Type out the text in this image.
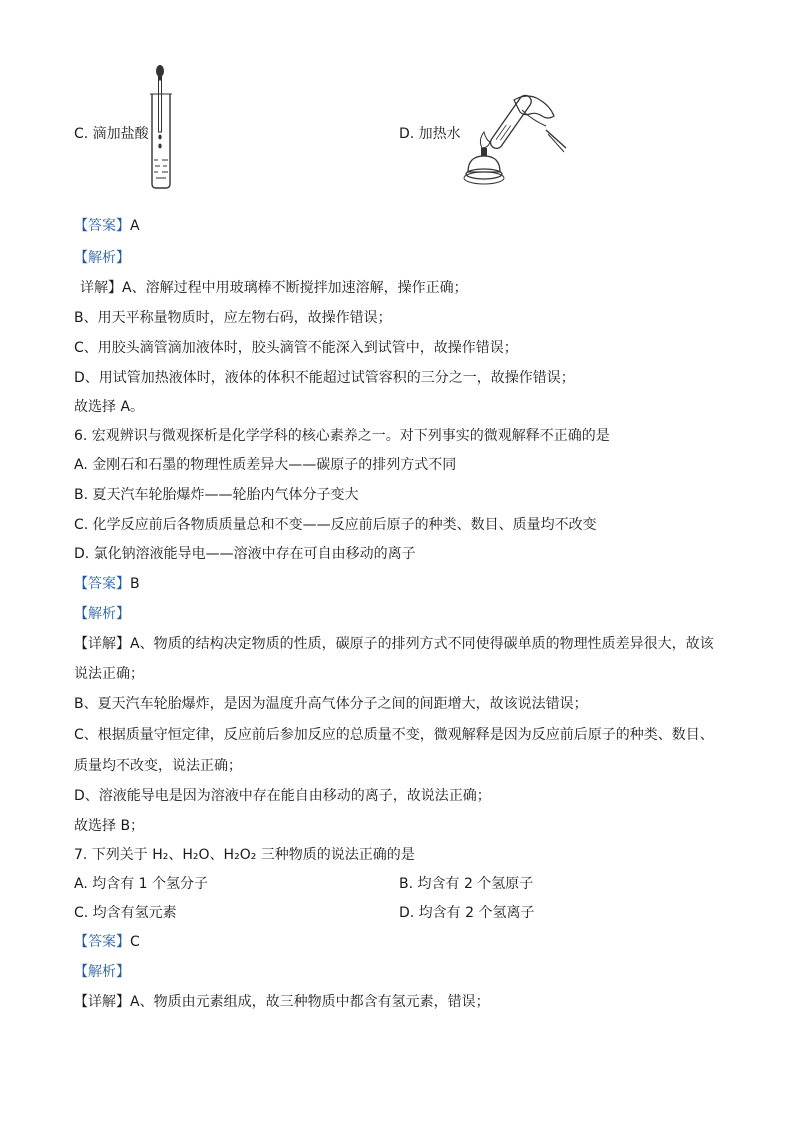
C. 滴加盐酸	D. 加热水
【答案】A
【解析】
详解】A、溶解过程中用玻璃棒不断搅拌加速溶解，操作正确；
B、用天平称量物质时，应左物右码，故操作错误；
C、用胶头滴管滴加液体时，胶头滴管不能深入到试管中，故操作错误；
D、用试管加热液体时，液体的体积不能超过试管容积的三分之一，故操作错误；
故选择 A。
6. 宏观辨识与微观探析是化学学科的核心素养之一。对下列事实的微观解释不正确的是
A. 金刚石和石墨的物理性质差异大——碳原子的排列方式不同
B. 夏天汽车轮胎爆炸——轮胎内气体分子变大
C. 化学反应前后各物质质量总和不变——反应前后原子的种类、数目、质量均不改变
D. 氯化钠溶液能导电——溶液中存在可自由移动的离子
【答案】B
【解析】
【详解】A、物质的结构决定物质的性质，碳原子的排列方式不同使得碳单质的物理性质差异很大，故该
说法正确；
B、夏天汽车轮胎爆炸，是因为温度升高气体分子之间的间距增大，故该说法错误；
C、根据质量守恒定律，反应前后参加反应的总质量不变，微观解释是因为反应前后原子的种类、数目、
质量均不改变，说法正确；
D、溶液能导电是因为溶液中存在能自由移动的离子，故说法正确；
故选择 B；
7. 下列关于 H₂、H₂O、H₂O₂ 三种物质的说法正确的是
A. 均含有 1 个氢分子	B. 均含有 2 个氢原子
C. 均含有氢元素	D. 均含有 2 个氢离子
【答案】C
【解析】
【详解】A、物质由元素组成，故三种物质中都含有氢元素，错误；
